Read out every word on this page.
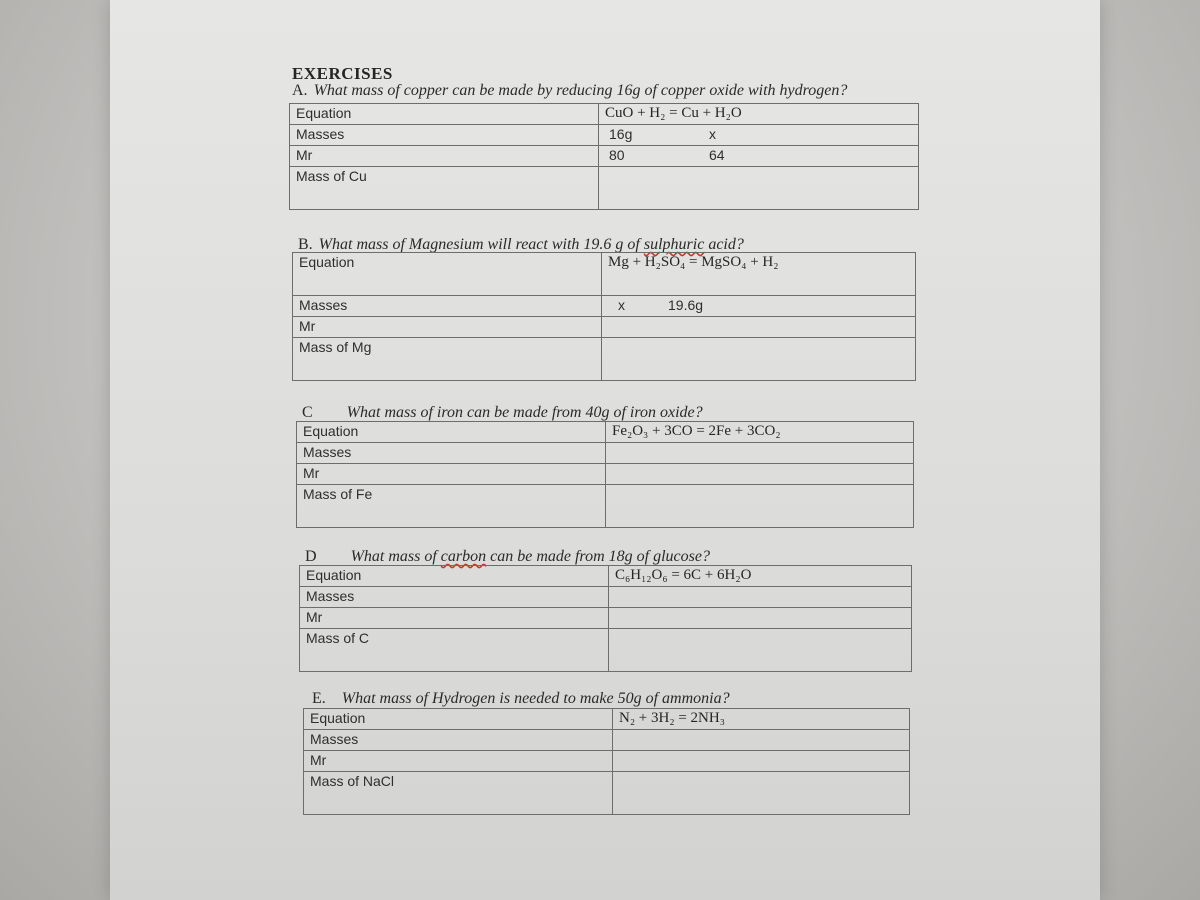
EXERCISES
A. What mass of copper can be made by reducing 16g of copper oxide with hydrogen?
Equation	CuO + H₂ = Cu + H₂O
Masses	16g x

Mr	80 64

Mass of Cu	
B. What mass of Magnesium will react with 19.6 g of sulphuric acid?
Equation	Mg + H₂SO₄ = MgSO₄ + H₂
Masses	x 19.6g

Mr	
Mass of Mg	
C What mass of iron can be made from 40g of iron oxide?
Equation	Fe₂O₃ + 3CO = 2Fe + 3CO₂
Masses	
Mr	
Mass of Fe	
D What mass of carbon can be made from 18g of glucose?
Equation	C₆H₁₂O₆ = 6C + 6H₂O
Masses	
Mr	
Mass of C	
E. What mass of Hydrogen is needed to make 50g of ammonia?
Equation	N₂ + 3H₂ = 2NH₃
Masses	
Mr	
Mass of NaCl	
